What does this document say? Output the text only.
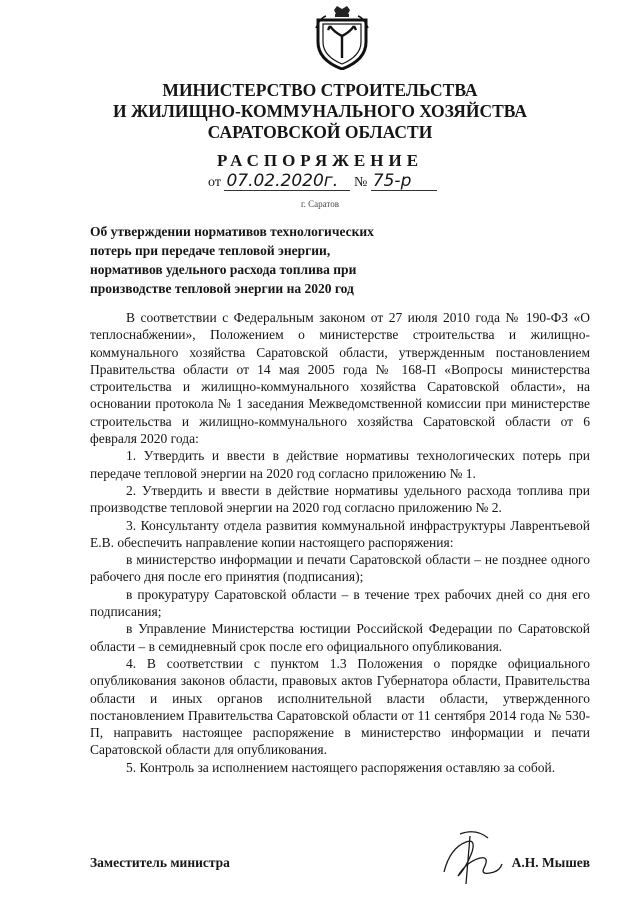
МИНИСТЕРСТВО СТРОИТЕЛЬСТВА
И ЖИЛИЩНО-КОММУНАЛЬНОГО ХОЗЯЙСТВА
САРАТОВСКОЙ ОБЛАСТИ
РАСПОРЯЖЕНИЕ
от 07.02.2020г. № 75-р
г. Саратов
Об утверждении нормативов технологических
потерь при передаче тепловой энергии,
нормативов удельного расхода топлива при
производстве тепловой энергии на 2020 год

В соответствии с Федеральным законом от 27 июля 2010 года № 190-ФЗ «О теплоснабжении», Положением о министерстве строительства и жилищно-коммунального хозяйства Саратовской области, утвержденным постановлением Правительства области от 14 мая 2005 года № 168-П «Вопросы министерства строительства и жилищно-коммунального хозяйства Саратовской области», на основании протокола № 1 заседания Межведомственной комиссии при министерстве строительства и жилищно-коммунального хозяйства Саратовской области от 6 февраля 2020 года:

1. Утвердить и ввести в действие нормативы технологических потерь при передаче тепловой энергии на 2020 год согласно приложению № 1.

2. Утвердить и ввести в действие нормативы удельного расхода топлива при производстве тепловой энергии на 2020 год согласно приложению № 2.

3. Консультанту отдела развития коммунальной инфраструктуры Лаврентьевой Е.В. обеспечить направление копии настоящего распоряжения:

в министерство информации и печати Саратовской области – не позднее одного рабочего дня после его принятия (подписания);

в прокуратуру Саратовской области – в течение трех рабочих дней со дня его подписания;

в Управление Министерства юстиции Российской Федерации по Саратовской области – в семидневный срок после его официального опубликования.

4. В соответствии с пунктом 1.3 Положения о порядке официального опубликования законов области, правовых актов Губернатора области, Правительства области и иных органов исполнительной власти области, утвержденного постановлением Правительства Саратовской области от 11 сентября 2014 года № 530-П, направить настоящее распоряжение в министерство информации и печати Саратовской области для опубликования.

5. Контроль за исполнением настоящего распоряжения оставляю за собой.

Заместитель министра	А.Н. Мышев
